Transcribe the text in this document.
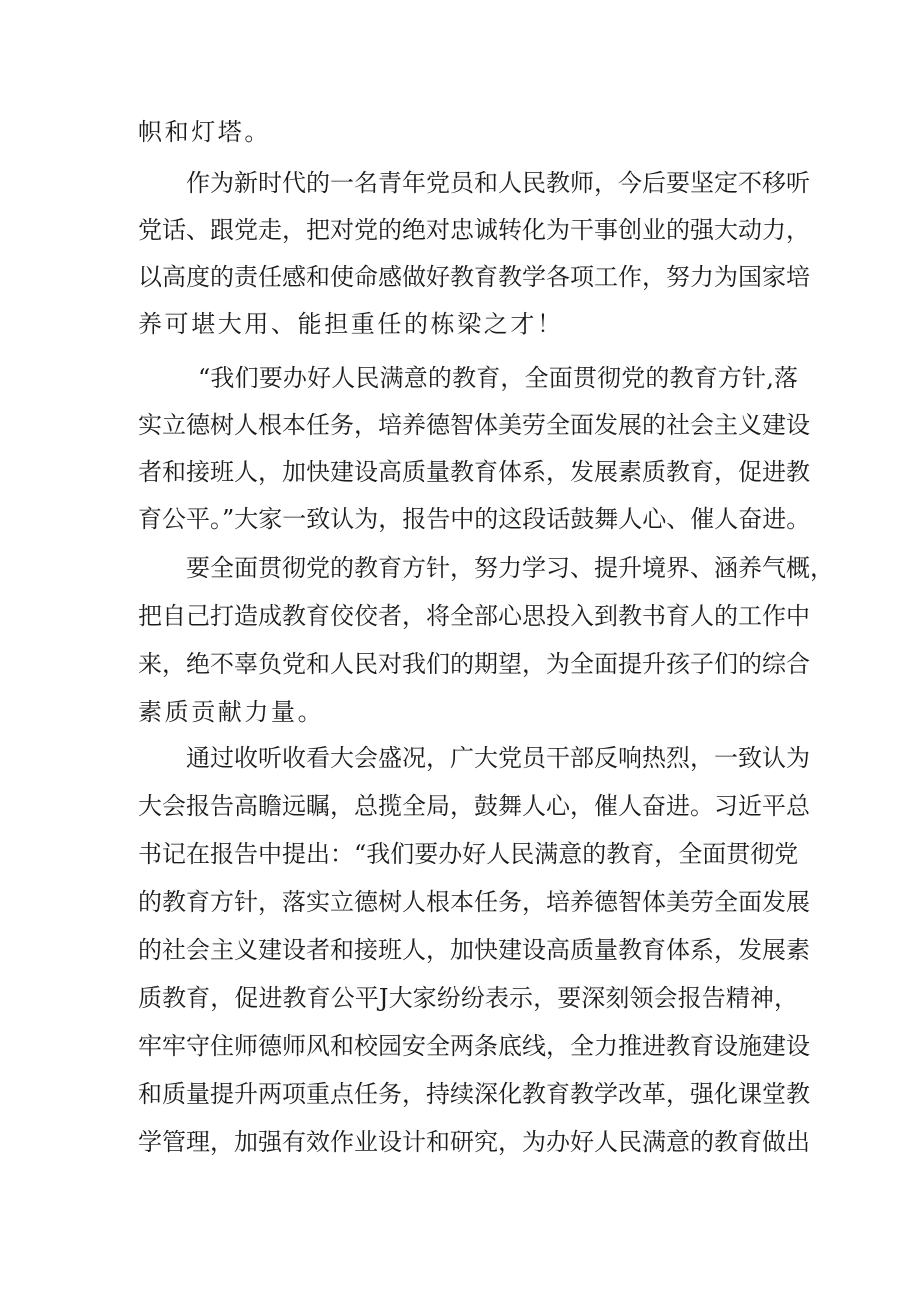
帜和灯塔。
作为新时代的一名青年党员和人民教师，今后要坚定不移听
党话、跟党走，把对党的绝对忠诚转化为干事创业的强大动力，
以高度的责任感和使命感做好教育教学各项工作，努力为国家培
养可堪大用、能担重任的栋梁之才！
“我们要办好人民满意的教育，全面贯彻党的教育方针,落
实立德树人根本任务，培养德智体美劳全面发展的社会主义建设
者和接班人，加快建设高质量教育体系，发展素质教育，促进教
育公平。”大家一致认为，报告中的这段话鼓舞人心、催人奋进。
要全面贯彻党的教育方针，努力学习、提升境界、涵养气概，
把自己打造成教育佼佼者，将全部心思投入到教书育人的工作中
来，绝不辜负党和人民对我们的期望，为全面提升孩子们的综合
素质贡献力量。
通过收听收看大会盛况，广大党员干部反响热烈，一致认为
大会报告高瞻远瞩，总揽全局，鼓舞人心，催人奋进。习近平总
书记在报告中提出：“我们要办好人民满意的教育，全面贯彻党
的教育方针，落实立德树人根本任务，培养德智体美劳全面发展
的社会主义建设者和接班人，加快建设高质量教育体系，发展素
质教育，促进教育公平J大家纷纷表示，要深刻领会报告精神，
牢牢守住师德师风和校园安全两条底线，全力推进教育设施建设
和质量提升两项重点任务，持续深化教育教学改革，强化课堂教
学管理，加强有效作业设计和研究，为办好人民满意的教育做出
